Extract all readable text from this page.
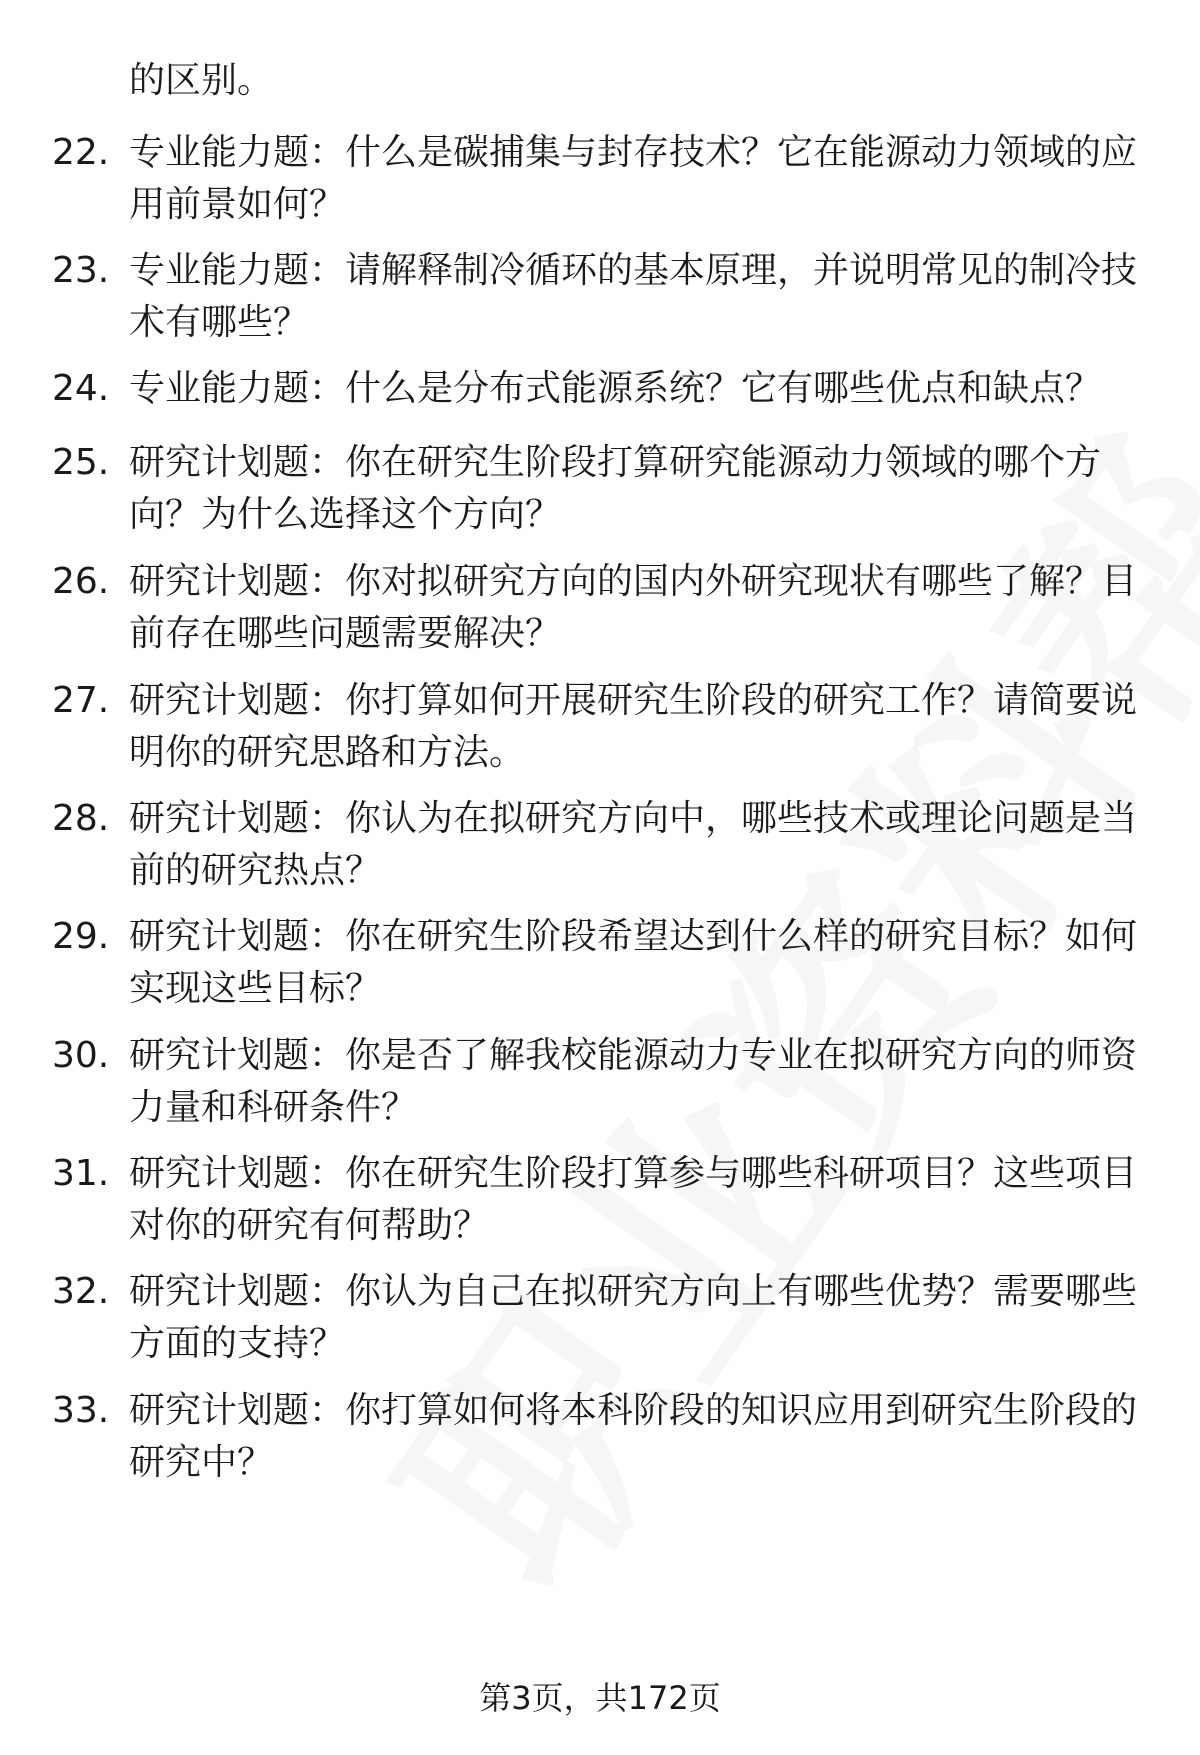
的区别。
22. 专业能力题：什么是碳捕集与封存技术？它在能源动力领域的应
用前景如何？
23. 专业能力题：请解释制冷循环的基本原理，并说明常见的制冷技
术有哪些？
24. 专业能力题：什么是分布式能源系统？它有哪些优点和缺点？
25. 研究计划题：你在研究生阶段打算研究能源动力领域的哪个方
向？为什么选择这个方向？
26. 研究计划题：你对拟研究方向的国内外研究现状有哪些了解？目
前存在哪些问题需要解决？
27. 研究计划题：你打算如何开展研究生阶段的研究工作？请简要说
明你的研究思路和方法。
28. 研究计划题：你认为在拟研究方向中，哪些技术或理论问题是当
前的研究热点？
29. 研究计划题：你在研究生阶段希望达到什么样的研究目标？如何
实现这些目标？
30. 研究计划题：你是否了解我校能源动力专业在拟研究方向的师资
力量和科研条件？
31. 研究计划题：你在研究生阶段打算参与哪些科研项目？这些项目
对你的研究有何帮助？
32. 研究计划题：你认为自己在拟研究方向上有哪些优势？需要哪些
方面的支持？
33. 研究计划题：你打算如何将本科阶段的知识应用到研究生阶段的
研究中？
第3页，共172页
